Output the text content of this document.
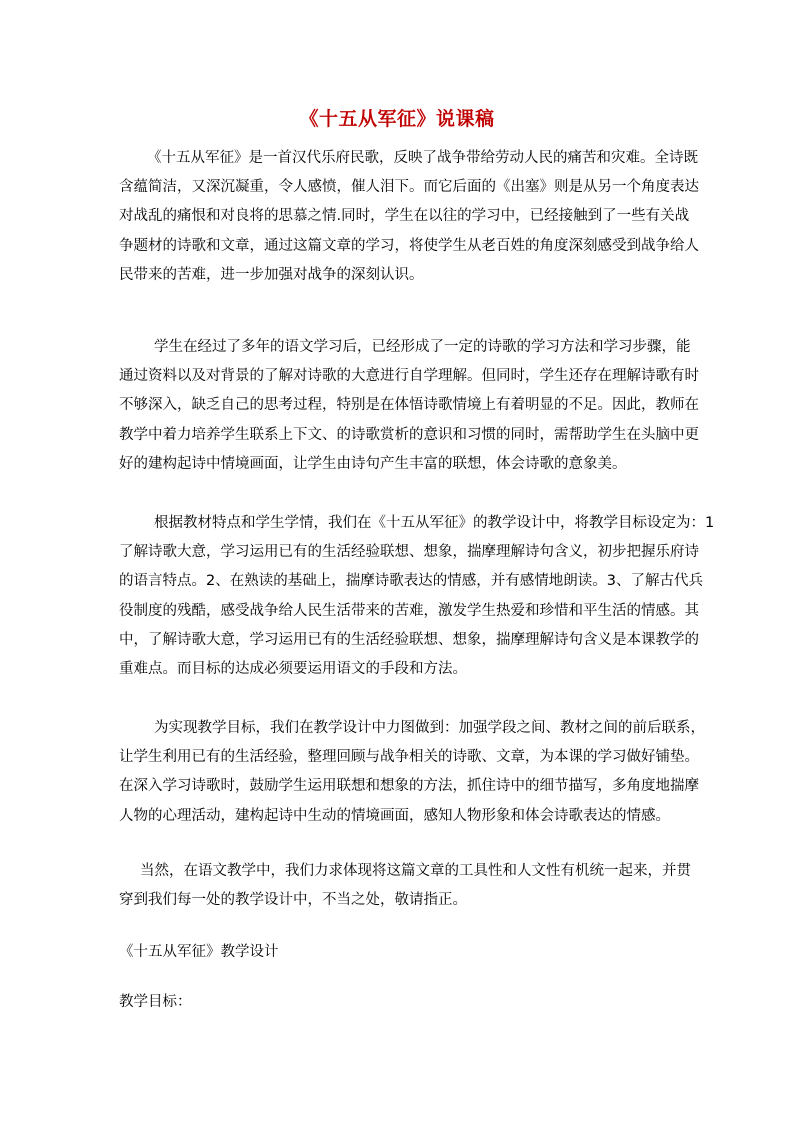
《十五从军征》说课稿
《十五从军征》是一首汉代乐府民歌，反映了战争带给劳动人民的痛苦和灾难。全诗既
含蕴简洁，又深沉凝重，令人感愤，催人泪下。而它后面的《出塞》则是从另一个角度表达
对战乱的痛恨和对良将的思慕之情.同时，学生在以往的学习中，已经接触到了一些有关战
争题材的诗歌和文章，通过这篇文章的学习，将使学生从老百姓的角度深刻感受到战争给人
民带来的苦难，进一步加强对战争的深刻认识。
学生在经过了多年的语文学习后，已经形成了一定的诗歌的学习方法和学习步骤，能
通过资料以及对背景的了解对诗歌的大意进行自学理解。但同时，学生还存在理解诗歌有时
不够深入，缺乏自己的思考过程，特别是在体悟诗歌情境上有着明显的不足。因此，教师在
教学中着力培养学生联系上下文、的诗歌赏析的意识和习惯的同时，需帮助学生在头脑中更
好的建构起诗中情境画面，让学生由诗句产生丰富的联想，体会诗歌的意象美。
根据教材特点和学生学情，我们在《十五从军征》的教学设计中，将教学目标设定为：1
了解诗歌大意，学习运用已有的生活经验联想、想象，揣摩理解诗句含义，初步把握乐府诗
的语言特点。2、在熟读的基础上，揣摩诗歌表达的情感，并有感情地朗读。3、了解古代兵
役制度的残酷，感受战争给人民生活带来的苦难，激发学生热爱和珍惜和平生活的情感。其
中，了解诗歌大意，学习运用已有的生活经验联想、想象，揣摩理解诗句含义是本课教学的
重难点。而目标的达成必须要运用语文的手段和方法。
为实现教学目标，我们在教学设计中力图做到：加强学段之间、教材之间的前后联系，
让学生利用已有的生活经验，整理回顾与战争相关的诗歌、文章，为本课的学习做好铺垫。
在深入学习诗歌时，鼓励学生运用联想和想象的方法，抓住诗中的细节描写，多角度地揣摩
人物的心理活动，建构起诗中生动的情境画面，感知人物形象和体会诗歌表达的情感。
当然，在语文教学中，我们力求体现将这篇文章的工具性和人文性有机统一起来，并贯
穿到我们每一处的教学设计中，不当之处，敬请指正。
《十五从军征》教学设计
教学目标：
